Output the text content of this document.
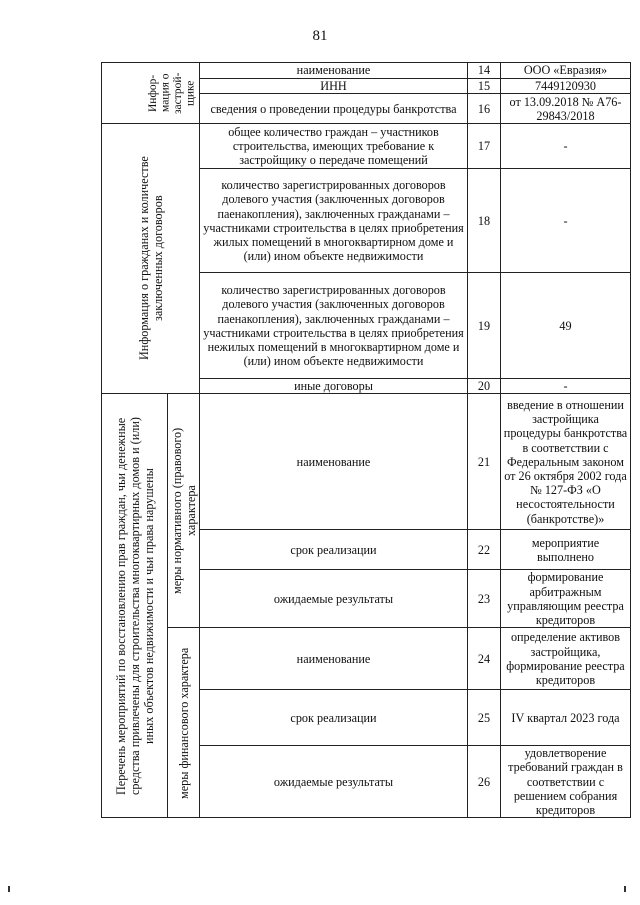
81
Инфор-
мация о
застрой-
щике		наименование	14	ООО «Евразия»
		ИНН	15	7449120930
		сведения о проведении процедуры банкротства	16	от 13.09.2018 № А76-29843/2018

Информация о гражданах и количестве
заключенных договоров		общее количество граждан – участников строительства, имеющих требование к застройщику о передаче помещений	17	-
		количество зарегистрированных договоров долевого участия (заключенных договоров паенакопления), заключенных гражданами – участниками строительства в целях приобретения жилых помещений в многоквартирном доме и (или) ином объекте недвижимости	18	-
		количество зарегистрированных договоров долевого участия (заключенных договоров паенакопления), заключенных гражданами – участниками строительства в целях приобретения нежилых помещений в многоквартирном доме и (или) ином объекте недвижимости	19	49
		иные договоры	20	-

Перечень мероприятий по восстановлению прав граждан, чьи денежные
средства привлечены для строительства многоквартирных домов и (или)
иных объектов недвижимости и чьи права нарушены	меры нормативного (правового)
характера	наименование	21	введение в отношении застройщика процедуры банкротства в соответствии с Федеральным законом от 26 октября 2002 года № 127-ФЗ «О несостоятельности (банкротстве)»
		срок реализации	22	мероприятие выполнено
		ожидаемые результаты	23	формирование арбитражным управляющим реестра кредиторов

	меры финансового характера	наименование	24	определение активов застройщика, формирование реестра кредиторов
		срок реализации	25	IV квартал 2023 года
		ожидаемые результаты	26	удовлетворение требований граждан в соответствии с решением собрания кредиторов
